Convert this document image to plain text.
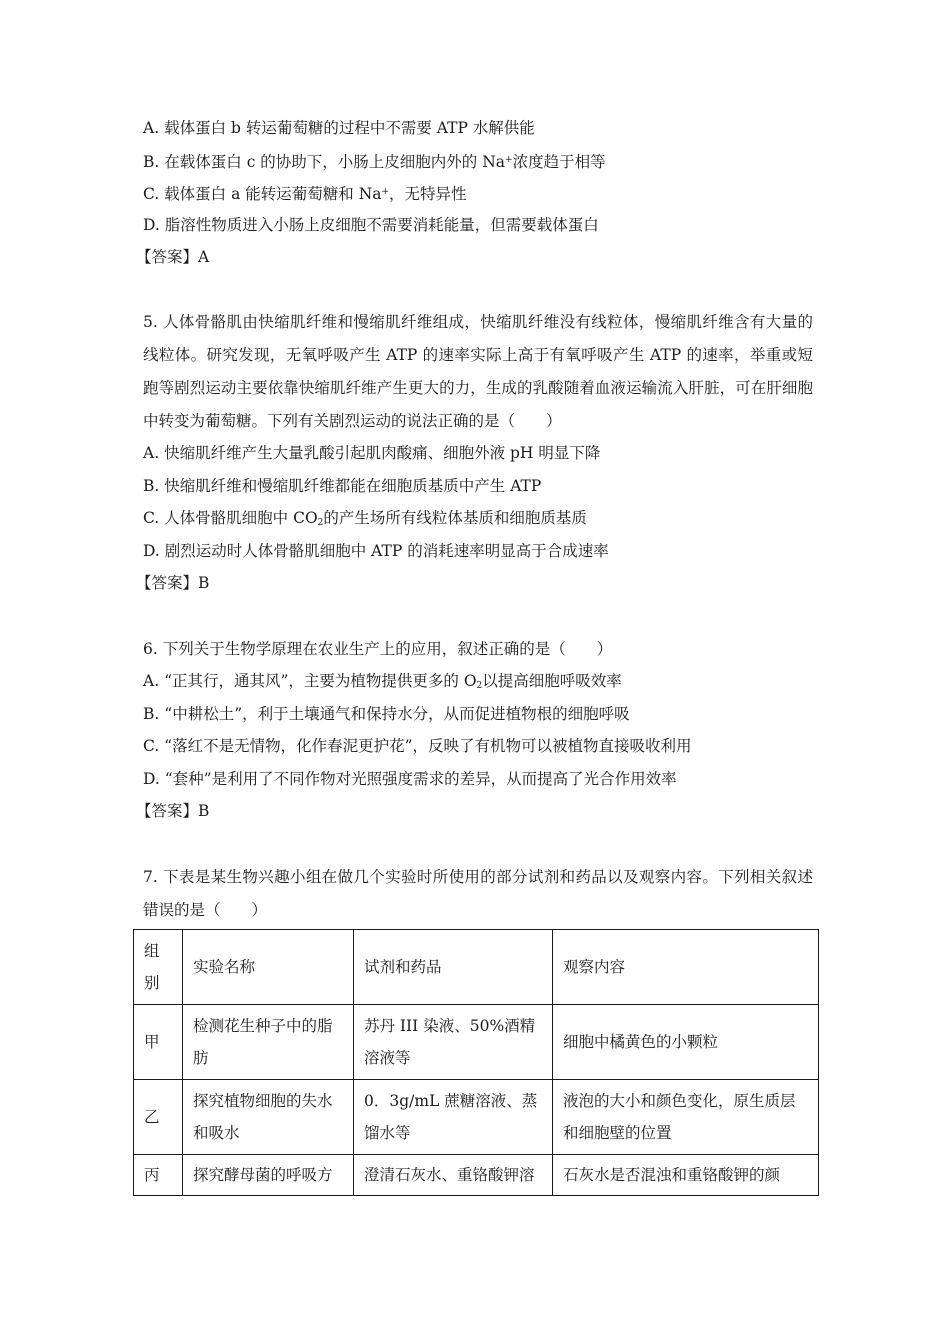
A. 载体蛋白 b 转运葡萄糖的过程中不需要 ATP 水解供能
B. 在载体蛋白 c 的协助下，小肠上皮细胞内外的 Na+浓度趋于相等
C. 载体蛋白 a 能转运葡萄糖和 Na+，无特异性
D. 脂溶性物质进入小肠上皮细胞不需要消耗能量，但需要载体蛋白
【答案】A
5. 人体骨骼肌由快缩肌纤维和慢缩肌纤维组成，快缩肌纤维没有线粒体，慢缩肌纤维含有大量的线粒体。研究发现，无氧呼吸产生 ATP 的速率实际上高于有氧呼吸产生 ATP 的速率，举重或短跑等剧烈运动主要依靠快缩肌纤维产生更大的力，生成的乳酸随着血液运输流入肝脏，可在肝细胞中转变为葡萄糖。下列有关剧烈运动的说法正确的是（　　）
A. 快缩肌纤维产生大量乳酸引起肌肉酸痛、细胞外液 pH 明显下降
B. 快缩肌纤维和慢缩肌纤维都能在细胞质基质中产生 ATP
C. 人体骨骼肌细胞中 $CO_2$的产生场所有线粒体基质和细胞质基质
D. 剧烈运动时人体骨骼肌细胞中 ATP 的消耗速率明显高于合成速率
【答案】B
6. 下列关于生物学原理在农业生产上的应用，叙述正确的是（　　）
A. “正其行，通其风”，主要为植物提供更多的 $O_2$以提高细胞呼吸效率
B. “中耕松土”，利于土壤通气和保持水分，从而促进植物根的细胞呼吸
C. “落红不是无情物，化作春泥更护花”，反映了有机物可以被植物直接吸收利用
D. “套种”是利用了不同作物对光照强度需求的差异，从而提高了光合作用效率
【答案】B
7. 下表是某生物兴趣小组在做几个实验时所使用的部分试剂和药品以及观察内容。下列相关叙述错误的是（　　）
组别	实验名称	试剂和药品	观察内容
甲	检测花生种子中的脂肪	苏丹 III 染液、50%酒精溶液等	细胞中橘黄色的小颗粒
乙	探究植物细胞的失水和吸水	0．3g/mL 蔗糖溶液、蒸馏水等	液泡的大小和颜色变化，原生质层和细胞壁的位置
丙	探究酵母菌的呼吸方	澄清石灰水、重铬酸钾溶	石灰水是否混浊和重铬酸钾的颜
